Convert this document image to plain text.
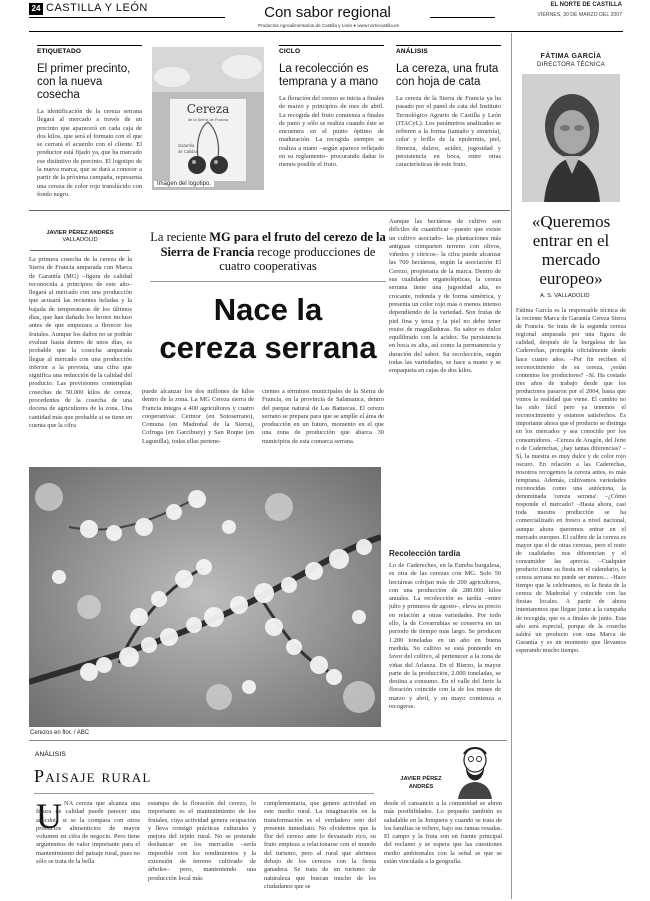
24 CASTILLA Y LEÓN	Con sabor regional
Productos Agroalimentarios de Castilla y León ● www.nortecastilla.es
EL NORTE DE CASTILLA
VIERNES, 30 DE MARZO DEL 2007
ETIQUETADO
El primer precinto, con la nueva cosecha
La identificación de la cereza serrana llegará al mercado a través de un precinto que aparecerá en cada caja de dos kilos, que será el formato con el que se cerrará el acuerdo con el cliente. El productor está fijado ya, que ha marcado ese distintivo de precinto. El logotipo de la nueva marca, que se dará a conocer a partir de la próxima campaña, representa una cereza de color rojo translúcido con fondo negro.
Cereza
de la Sierra de Francia
Garantía
de Calidad
Imagen del logotipo.
CICLO
La recolección es temprana y a mano
La floración del cerezo se inicia a finales de marzo y principios de mes de abril. La recogida del fruto comienza a finales de junio y sólo se realiza cuando éste se encuentra en el punto óptimo de maduración. La recogida siempre se realiza a mano –según aparece reflejado en su reglamento– procurando dañar lo menos posible el fruto.
ANÁLISIS
La cereza, una fruta con hoja de cata
La cereza de la Sierra de Francia ya ha pasado por el panel de cata del Instituto Tecnológico Agrario de Castilla y León (ITACyL). Los parámetros analizados se refieren a la forma (tamaño y simetría), color y brillo de la epidermis, piel, firmeza, dulzor, acidez, jugosidad y persistencia en boca, entre otras características de este fruto.
FÁTIMA GARCÍA
DIRECTORA TÉCNICA
«Queremos entrar en el mercado europeo»
A. S. VALLADOLID
Fátima García es la responsable técnica de la reciente Marca de Garantía Cereza Sierra de Francia. Se trata de la segunda cereza regional amparada por una figura de calidad, después de la burgalesa de las Caderechas, protegida oficialmente desde hace cuatro años. –Por fin reciben el reconocimiento de su cereza, ¿están contentos los productores? –Sí. Ha costado tres años de trabajo desde que los productores pasaron por el 2004, hasta que vimos la realidad que viene. El cambio no ha sido fácil pero ya tenemos el reconocimiento y estamos satisfechos. Es importante ahora que el producto se distinga en los mercados y sea conocido por los consumidores. –Cereza de Aragón, del Jerte o de Caderechas, ¿hay tantas diferencias? –Sí, la nuestra es muy dulce y de color rojo oscuro. En relación a las Caderechas, nosotros recogemos la cereza antes, es más temprana. Además, cultivamos variedades reconocidas como una autóctona, la denominada 'cereza serrana'. –¿Cómo responde el mercado? –Hasta ahora, casi toda nuestra producción se ha comercializado en fresco a nivel nacional, aunque ahora queremos entrar en el mercado europeo. El calibre de la cereza es mayor que el de otras cerezas, pero el resto de cualidades nos diferencian y el consumidor las aprecia. –Cualquier producto tiene su fiesta en el calendario, la cereza serrana no puede ser menos... –Hace tiempo que la celebramos, es la fiesta de la cereza de Madroñal y coincide con las fiestas locales. A partir de ahora intentaremos que llegue junto a la campaña de recogida, que es a finales de junio. Esta año será especial, porque de la cosecha saldrá un producto con una Marca de Garantía y es un momento que llevamos esperando mucho tiempo.
JAVIER PÉREZ ANDRÉS
VALLADOLID
La primera cosecha de la cereza de la Sierra de Francia amparada con Marca de Garantía (MG) –figura de calidad reconocida a principios de este año– llegará al mercado con una producción que acusará las recientes heladas y la bajada de temperaturas de los últimos días, que han dañado los brotes incluso antes de que empezara a florecer los frutales. Aunque los daños no se podrán evaluar hasta dentro de unos días, es probable que la cosecha amparada llegue al mercado con una producción inferior a la prevista, una cifra que significa una reducción de la calidad del producto. Las previsiones contemplan cosechas de 50.000 kilos de cereza, procedentes de la cosecha de una docena de agricultores de la zona. Una cantidad más que probable si se tiene en cuenta que la cifra
La reciente MG para el fruto del cerezo de la Sierra de Francia recoge producciones de cuatro cooperativas
Nace la
cereza serrana
puede alcanzar los dos millones de kilos dentro de la zona. La MG Cereza sierra de Francia integra a 400 agricultores y cuatro cooperativas: Cerinor (en Sotoserrano), Comuna (en Madroñal de la Sierra), Cofruga (en Garcibuey) y San Roque (en Lagunilla), todas ellas pertene-
cientes a términos municipales de la Sierra de Francia, en la provincia de Salamanca, dentro del parque natural de Las Batuecas. El cerezo serrano se prepara para que se amplíe el área de producción en un futuro, momento en el que una zona de producción que abarca 30 municipios de esta comarca serrana.
Aunque las hectáreas de cultivo son difíciles de cuantificar –puesto que existe un cultivo asociado– las plantaciones más antiguas comparten terreno con olivos, viñedos y cítricos– la cifra puede alcanzar las 700 hectáreas, según la asociación El Cerezo, propietaria de la marca. Dentro de sus cualidades organolépticas, la cereza serrana tiene una jugosidad alta, es crocante, redonda y de forma simétrica, y presenta un color rojo más o menos intenso dependiendo de la variedad. Son frutas de piel fina y tersa y la piel no debe tener restos de magulladuras. Su sabor es dulce equilibrado con la acidez. Su persistencia en boca es alta, así como la permanencia y duración del sabor. Su recolección, según todas las variedades, se hace a mano y se empaqueta en cajas de dos kilos.
Recolección tardía
Lo de Cadereches, en la Eureba burgalesa, es otra de las cerezas con MG. Solo 50 hectáreas cobijan más de 200 agricultores, con una producción de 280.000 kilos anuales. La recolección es tardía –entre julio y primeros de agosto–, eleva su precio en relación a otras variedades. Por todo ello, la de Covarrubias se conserva en un periodo de tiempo más largo. Se producen 1.200 toneladas en un año en buena medida. Su cultivo se está poniendo en favor del cultivo, al pertenecer a la zona de viñas del Arlanza. En el Bierzo, la mayor parte de la producción, 2.000 toneladas, se destina a consumo. En el valle del Jerte la floración coincide con la de los meses de marzo y abril, y en mayo comienza a recogerse.
Cerezos en flor. / ABC
ANÁLISIS
Paisaje rural	JAVIER PÉREZ ANDRÉS
U NA cereza que alcanza una figura de calidad puede parecer una anécdota si se la compara con otros productos alimenticios de mayor volumen en cifra de negocio. Pero tiene argumentos de valor importante para el mantenimiento del paisaje rural, pues no sólo se trata de la bella
estampa de la floración del cerezo, lo importante es el mantenimiento de los frutales, cuya actividad genera ocupación y lleva consigo prácticas culturales y mejora del tejido rural. No se pretende desbancar en los mercados –sería imposible con los rendimientos y la extensión de terreno cultivado de árboles– pero, manteniendo una producción local más
complementaria, que genere actividad en este medio rural. La imaginación en la transformación es el verdadero reto del presente inmediato. No olvidemos que la flor del cerezo ante lo devastado rico, su fruto empieza a relacionarse con el mundo del turismo, pero al rural que abrimos debajo de los cerezos con la fiesta ganadera. Se trata de un turismo de naturaleza que buscan mucho de los ciudadanos que se
desde el cansancio a la comunidad se abren más posibilidades. Lo pequeño también es saludable en la Jonquera y cuando se trata de los familias se refiere, bajo sus ramas rosadas. El campo y la fruta son en fuente principal del reclamo y se espera que las cuestiones medio ambientales con la señal se que se están vinculada a la geografía.
